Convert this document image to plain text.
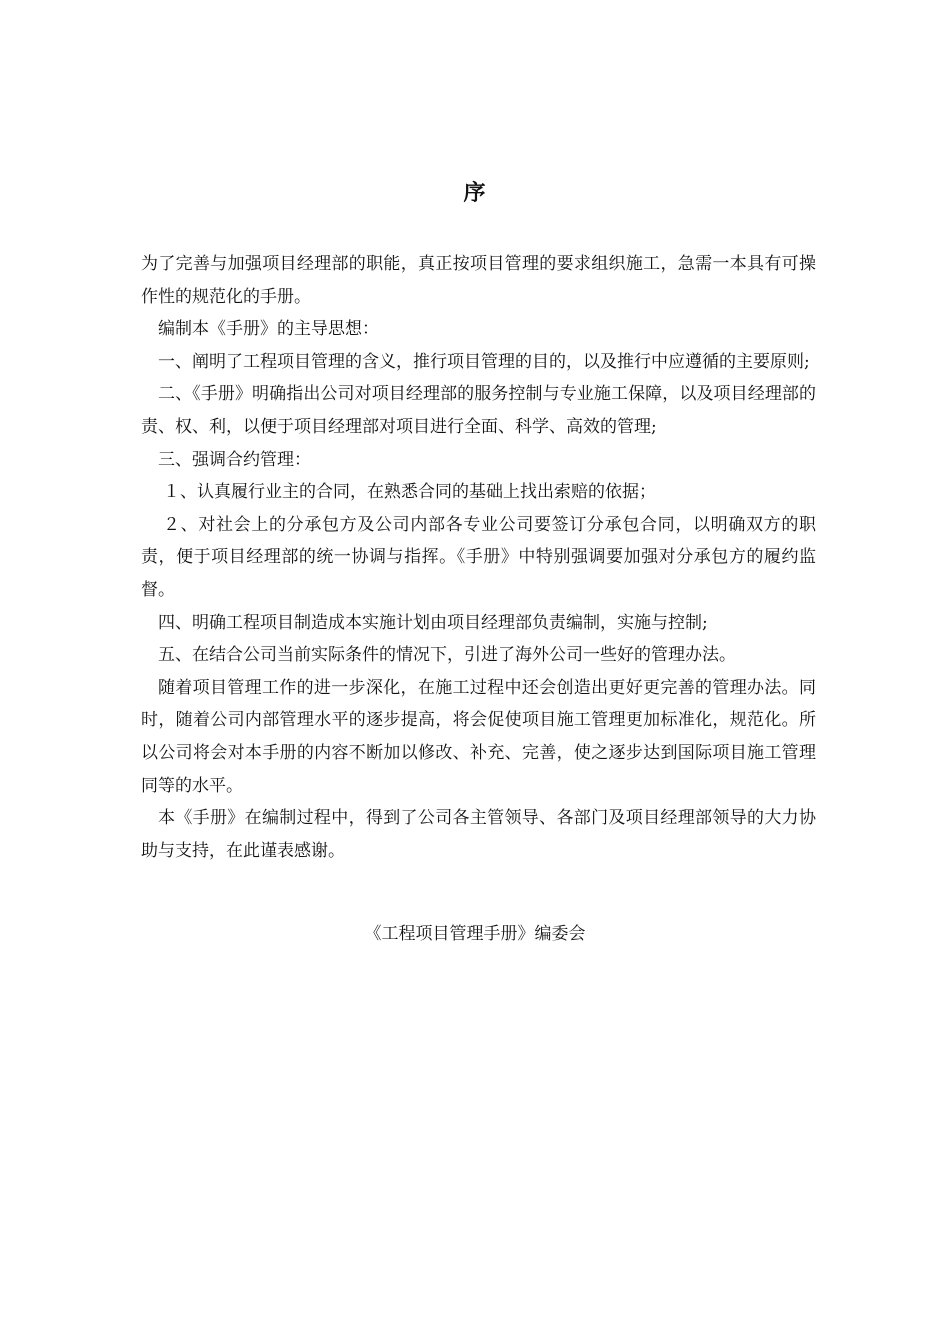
序

为了完善与加强项目经理部的职能，真正按项目管理的要求组织施工，急需一本具有可操作性的规范化的手册。

编制本《手册》的主导思想：

一、阐明了工程项目管理的含义，推行项目管理的目的，以及推行中应遵循的主要原则;

二、《手册》明确指出公司对项目经理部的服务控制与专业施工保障，以及项目经理部的责、权、利，以便于项目经理部对项目进行全面、科学、高效的管理;

三、强调合约管理：

１、认真履行业主的合同，在熟悉合同的基础上找出索赔的依据；

２、对社会上的分承包方及公司内部各专业公司要签订分承包合同，以明确双方的职责，便于项目经理部的统一协调与指挥。《手册》中特别强调要加强对分承包方的履约监督。

四、明确工程项目制造成本实施计划由项目经理部负责编制，实施与控制;

五、在结合公司当前实际条件的情况下，引进了海外公司一些好的管理办法。

随着项目管理工作的进一步深化，在施工过程中还会创造出更好更完善的管理办法。同时，随着公司内部管理水平的逐步提高，将会促使项目施工管理更加标准化，规范化。所以公司将会对本手册的内容不断加以修改、补充、完善，使之逐步达到国际项目施工管理同等的水平。

本《手册》在编制过程中，得到了公司各主管领导、各部门及项目经理部领导的大力协助与支持，在此谨表感谢。

《工程项目管理手册》编委会
